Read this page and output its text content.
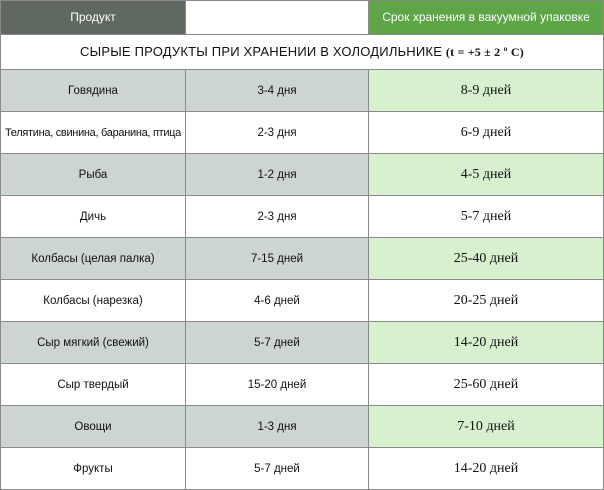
Продукт	Срок хранения в обычных условиях	Срок хранения в вакуумной упаковке
СЫРЫЕ ПРОДУКТЫ ПРИ ХРАНЕНИИ В ХОЛОДИЛЬНИКЕ (t = +5 ± 2 º С)		
Говядина	3-4 дня	8-9 дней
Телятина, свинина, баранина, птица	2-3 дня	6-9 дней
Рыба	1-2 дня	4-5 дней
Дичь	2-3 дня	5-7 дней
Колбасы (целая палка)	7-15 дней	25-40 дней
Колбасы (нарезка)	4-6 дней	20-25 дней
Сыр мягкий (свежий)	5-7 дней	14-20 дней
Сыр твердый	15-20 дней	25-60 дней
Овощи	1-3 дня	7-10 дней
Фрукты	5-7 дней	14-20 дней
